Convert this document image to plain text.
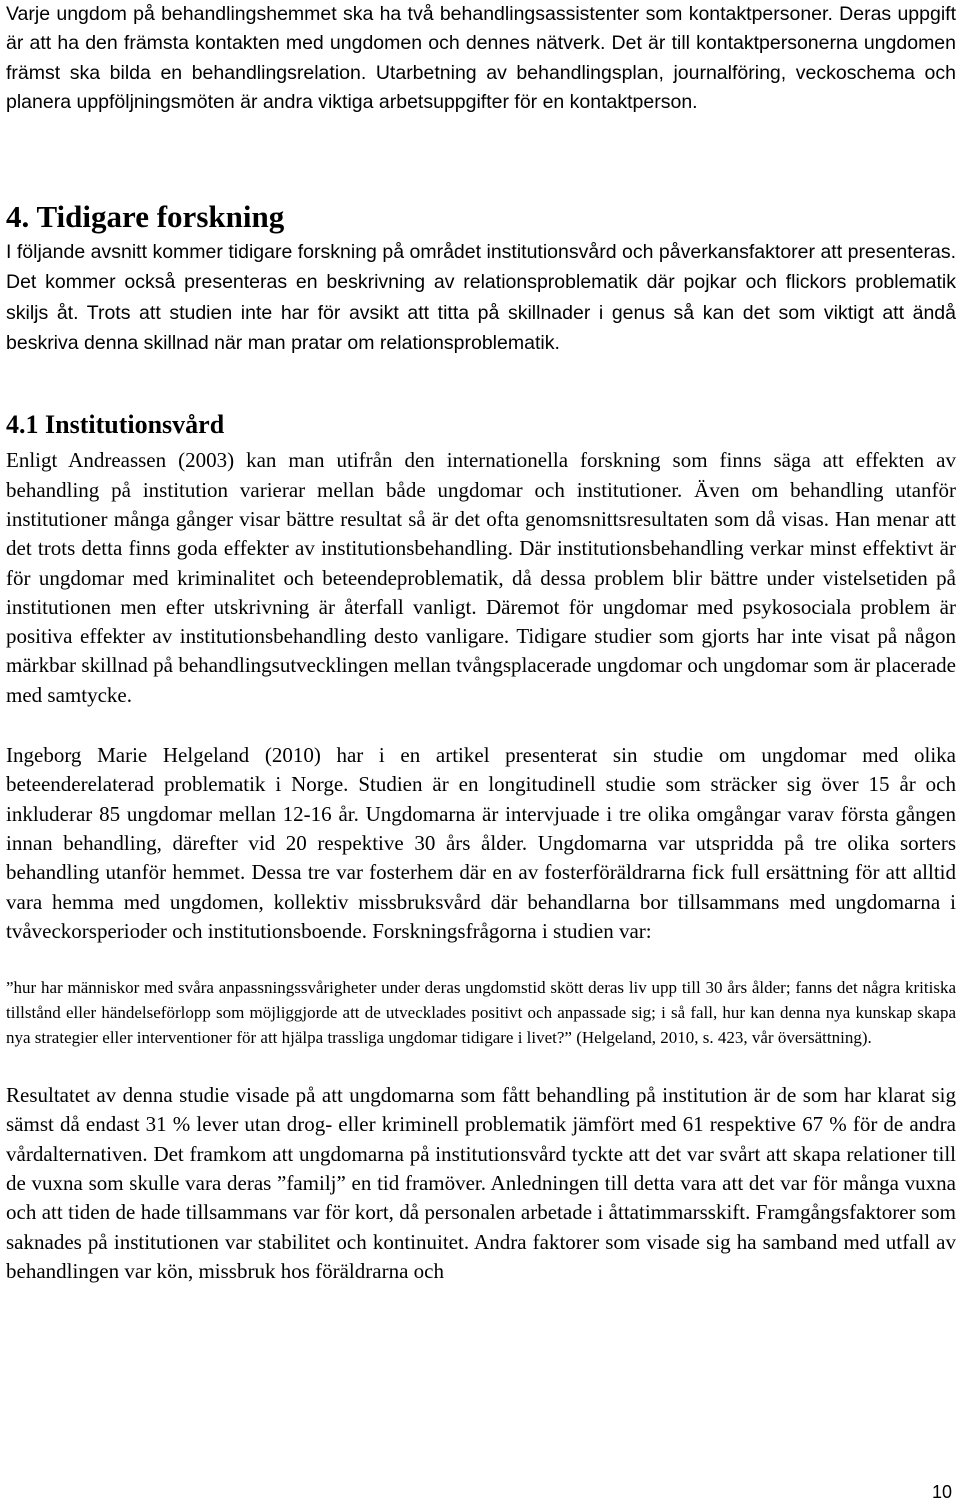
Varje ungdom på behandlingshemmet ska ha två behandlingsassistenter som kontaktpersoner. Deras uppgift är att ha den främsta kontakten med ungdomen och dennes nätverk. Det är till kontaktpersonerna ungdomen främst ska bilda en behandlingsrelation. Utarbetning av behandlingsplan, journalföring, veckoschema och planera uppföljningsmöten är andra viktiga arbetsuppgifter för en kontaktperson.

4. Tidigare forskning

I följande avsnitt kommer tidigare forskning på området institutionsvård och påverkansfaktorer att presenteras. Det kommer också presenteras en beskrivning av relationsproblematik där pojkar och flickors problematik skiljs åt. Trots att studien inte har för avsikt att titta på skillnader i genus så kan det som viktigt att ändå beskriva denna skillnad när man pratar om relationsproblematik.

4.1 Institutionsvård

Enligt Andreassen (2003) kan man utifrån den internationella forskning som finns säga att effekten av behandling på institution varierar mellan både ungdomar och institutioner. Även om behandling utanför institutioner många gånger visar bättre resultat så är det ofta genomsnittsresultaten som då visas. Han menar att det trots detta finns goda effekter av institutionsbehandling. Där institutionsbehandling verkar minst effektivt är för ungdomar med kriminalitet och beteendeproblematik, då dessa problem blir bättre under vistelsetiden på institutionen men efter utskrivning är återfall vanligt. Däremot för ungdomar med psykosociala problem är positiva effekter av institutionsbehandling desto vanligare. Tidigare studier som gjorts har inte visat på någon märkbar skillnad på behandlingsutvecklingen mellan tvångsplacerade ungdomar och ungdomar som är placerade med samtycke.

Ingeborg Marie Helgeland (2010) har i en artikel presenterat sin studie om ungdomar med olika beteenderelaterad problematik i Norge. Studien är en longitudinell studie som sträcker sig över 15 år och inkluderar 85 ungdomar mellan 12-16 år. Ungdomarna är intervjuade i tre olika omgångar varav första gången innan behandling, därefter vid 20 respektive 30 års ålder. Ungdomarna var utspridda på tre olika sorters behandling utanför hemmet. Dessa tre var fosterhem där en av fosterföräldrarna fick full ersättning för att alltid vara hemma med ungdomen, kollektiv missbruksvård där behandlarna bor tillsammans med ungdomarna i tvåveckorsperioder och institutionsboende. Forskningsfrågorna i studien var:

”hur har människor med svåra anpassningssvårigheter under deras ungdomstid skött deras liv upp till 30 års ålder; fanns det några kritiska tillstånd eller händelseförlopp som möjliggjorde att de utvecklades positivt och anpassade sig; i så fall, hur kan denna nya kunskap skapa nya strategier eller interventioner för att hjälpa trassliga ungdomar tidigare i livet?” (Helgeland, 2010, s. 423, vår översättning).

Resultatet av denna studie visade på att ungdomarna som fått behandling på institution är de som har klarat sig sämst då endast 31 % lever utan drog- eller kriminell problematik jämfört med 61 respektive 67 % för de andra vårdalternativen. Det framkom att ungdomarna på institutionsvård tyckte att det var svårt att skapa relationer till de vuxna som skulle vara deras ”familj” en tid framöver. Anledningen till detta vara att det var för många vuxna och att tiden de hade tillsammans var för kort, då personalen arbetade i åttatimmarsskift. Framgångsfaktorer som saknades på institutionen var stabilitet och kontinuitet. Andra faktorer som visade sig ha samband med utfall av behandlingen var kön, missbruk hos föräldrarna och

10
